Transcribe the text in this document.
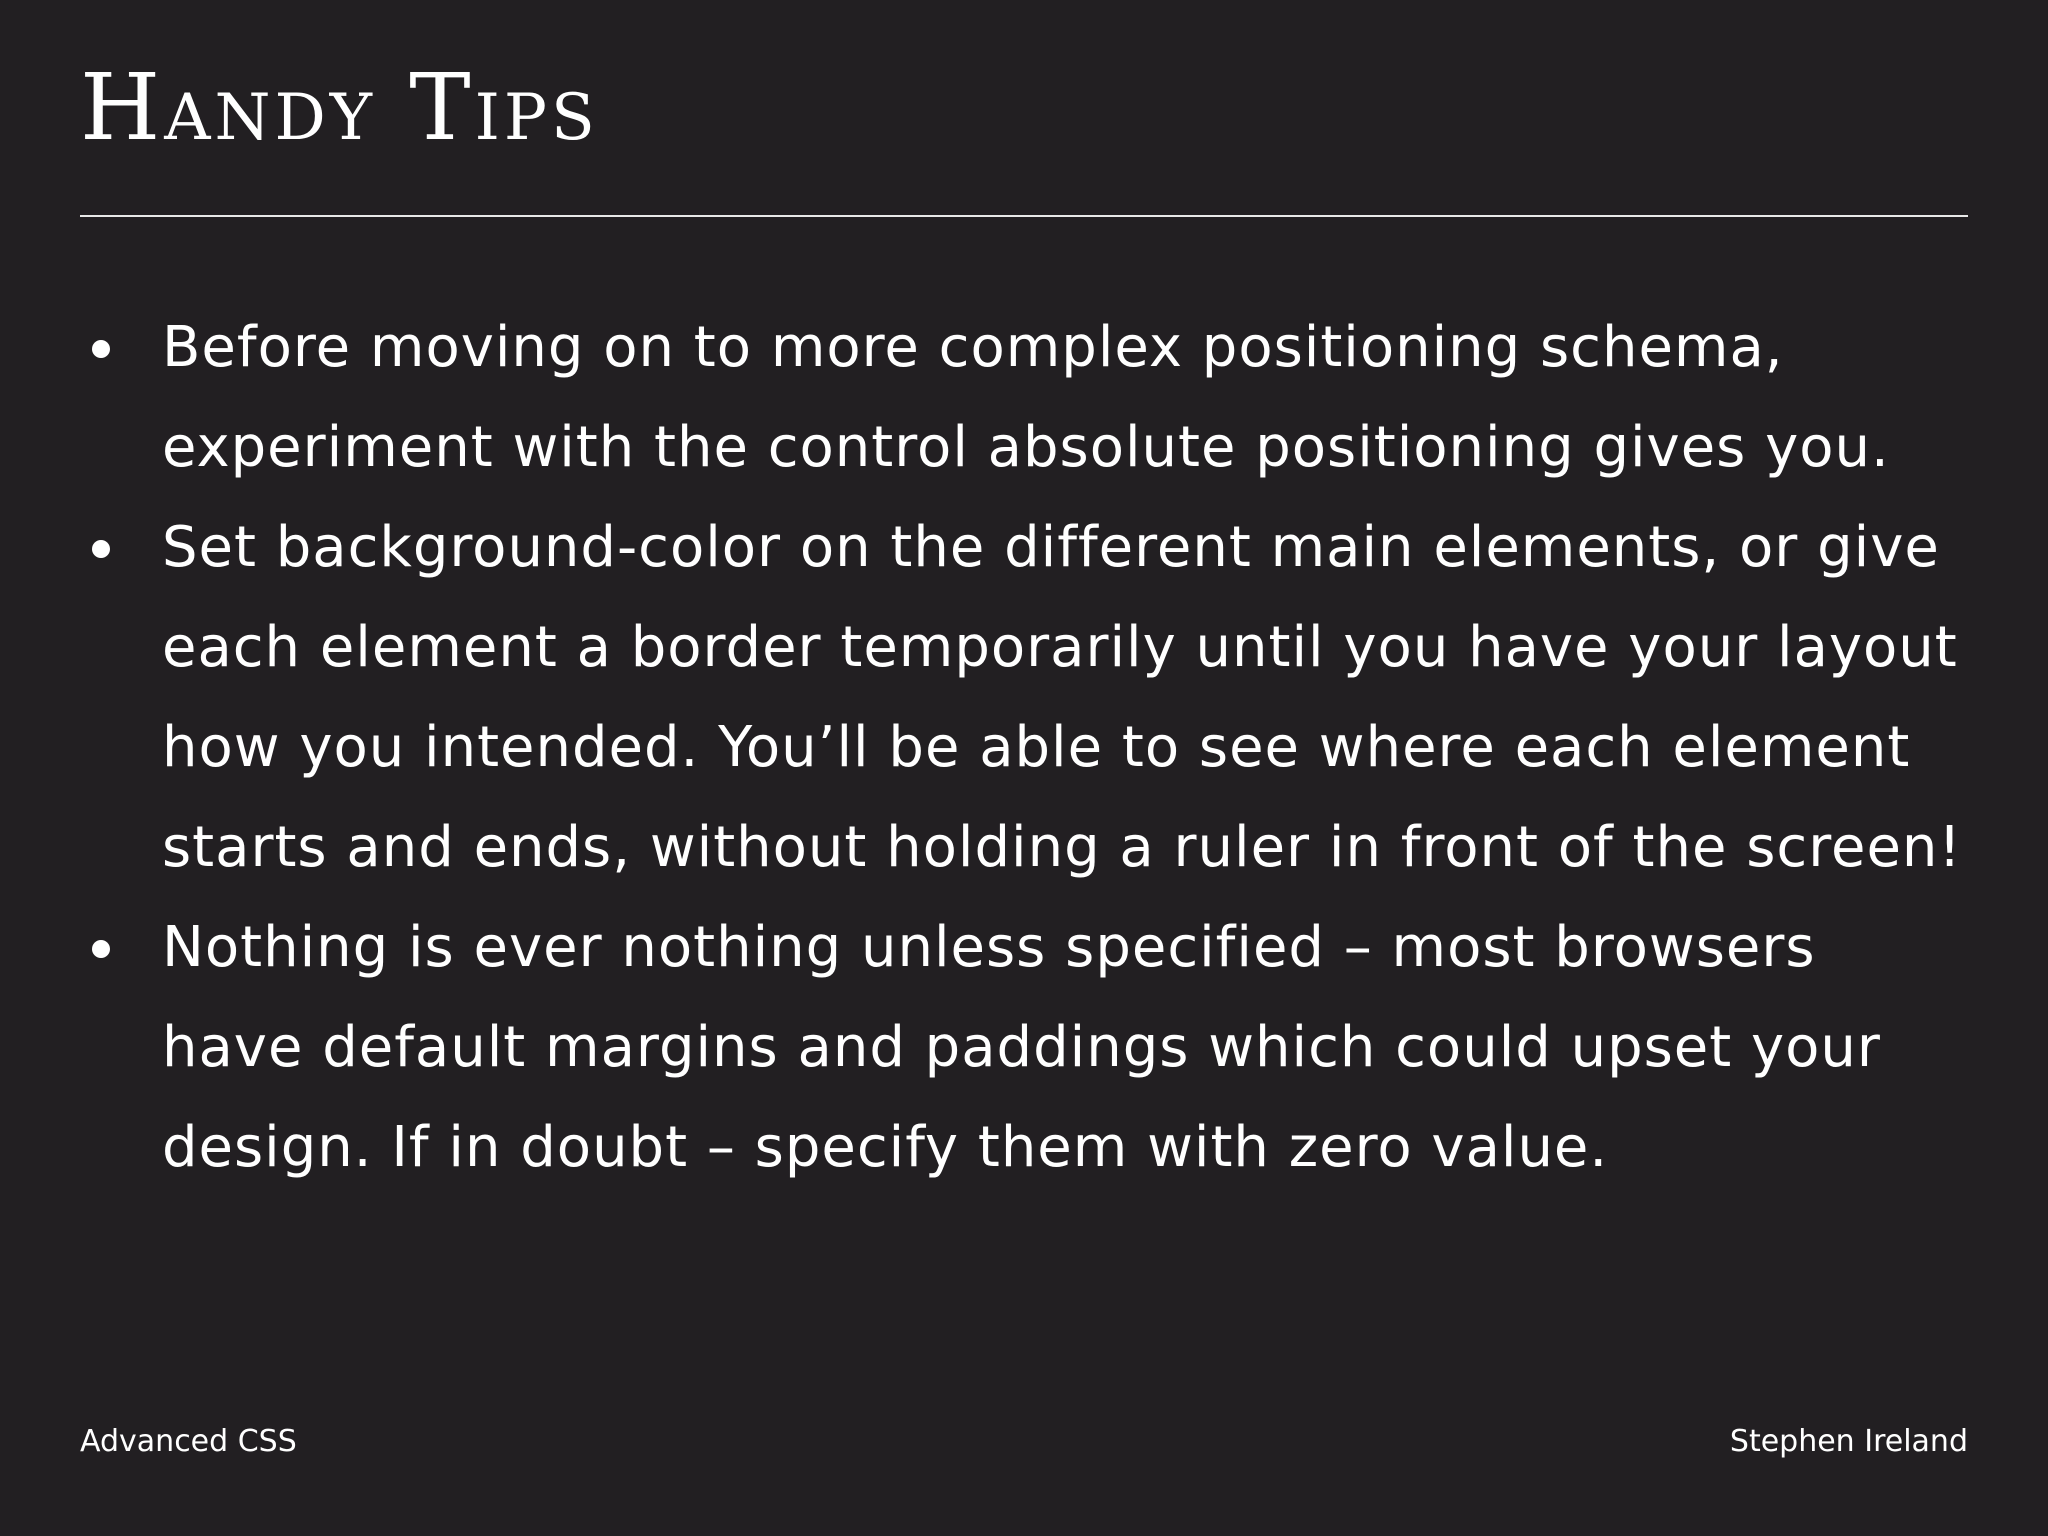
Handy Tips
Before moving on to more complex positioning schema, experiment with the control absolute positioning gives you.
Set background-color on the different main elements, or give each element a border temporarily until you have your layout how you intended. You’ll be able to see where each element starts and ends, without holding a ruler in front of the screen!
Nothing is ever nothing unless specified – most browsers have default margins and paddings which could upset your design. If in doubt – specify them with zero value.
Advanced CSS	Stephen Ireland
